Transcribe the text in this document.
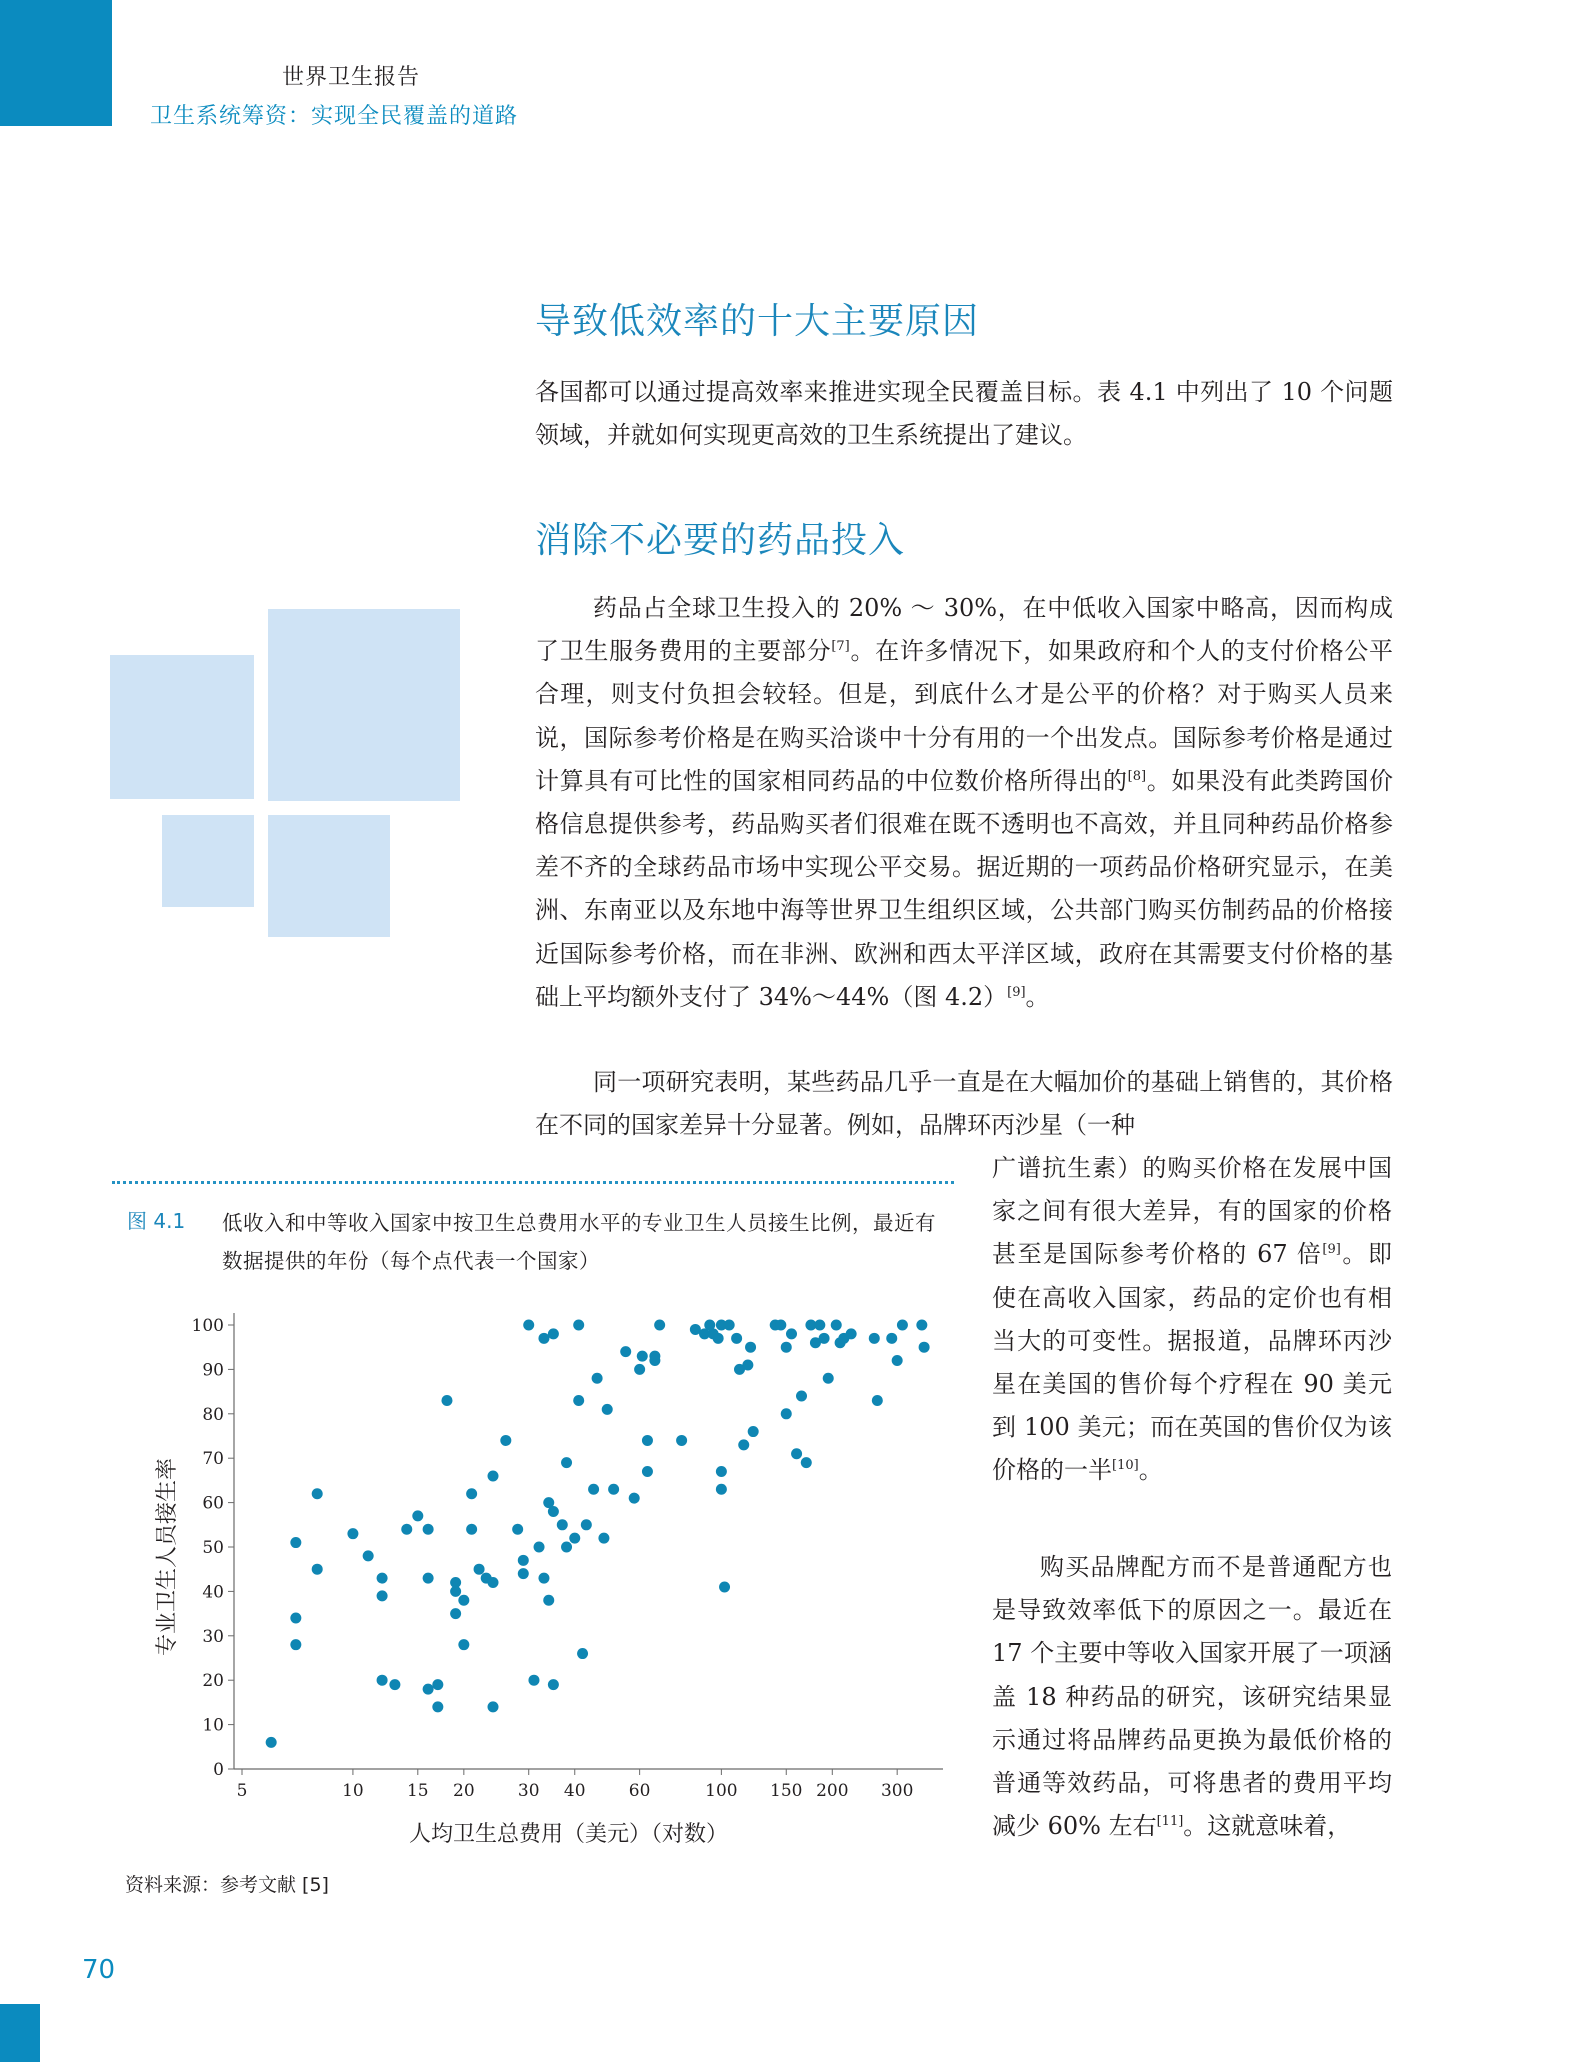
世界卫生报告
卫生系统筹资：实现全民覆盖的道路
导致低效率的十大主要原因

各国都可以通过提高效率来推进实现全民覆盖目标。表 4.1 中列出了 10 个问题领域，并就如何实现更高效的卫生系统提出了建议。

消除不必要的药品投入

药品占全球卫生投入的 20% ～ 30%，在中低收入国家中略高，因而构成了卫生服务费用的主要部分[7]。在许多情况下，如果政府和个人的支付价格公平合理，则支付负担会较轻。但是，到底什么才是公平的价格？对于购买人员来说，国际参考价格是在购买洽谈中十分有用的一个出发点。国际参考价格是通过计算具有可比性的国家相同药品的中位数价格所得出的[8]。如果没有此类跨国价格信息提供参考，药品购买者们很难在既不透明也不高效，并且同种药品价格参差不齐的全球药品市场中实现公平交易。据近期的一项药品价格研究显示，在美洲、东南亚以及东地中海等世界卫生组织区域，公共部门购买仿制药品的价格接近国际参考价格，而在非洲、欧洲和西太平洋区域，政府在其需要支付价格的基础上平均额外支付了 34%～44%（图 4.2）[9]。

同一项研究表明，某些药品几乎一直是在大幅加价的基础上销售的，其价格在不同的国家差异十分显著。例如，品牌环丙沙星（一种

广谱抗生素）的购买价格在发展中国家之间有很大差异，有的国家的价格甚至是国际参考价格的 67 倍[9]。即使在高收入国家，药品的定价也有相当大的可变性。据报道，品牌环丙沙星在美国的售价每个疗程在 90 美元到 100 美元；而在英国的售价仅为该价格的一半[10]。

购买品牌配方而不是普通配方也是导致效率低下的原因之一。最近在 17 个主要中等收入国家开展了一项涵盖 18 种药品的研究，该研究结果显示通过将品牌药品更换为最低价格的普通等效药品，可将患者的费用平均减少 60% 左右[11]。这就意味着，

图 4.1 低收入和中等收入国家中按卫生总费用水平的专业卫生人员接生比例，最近有数据提供的年份（每个点代表一个国家）
0
10
20
30
40
50
60
70
80
90
100
5	10	15 20	30 40	60	100 150 200 300
人均卫生总费用（美元）（对数）
专业卫生人员接生率
资料来源：参考文献 [5]
70
